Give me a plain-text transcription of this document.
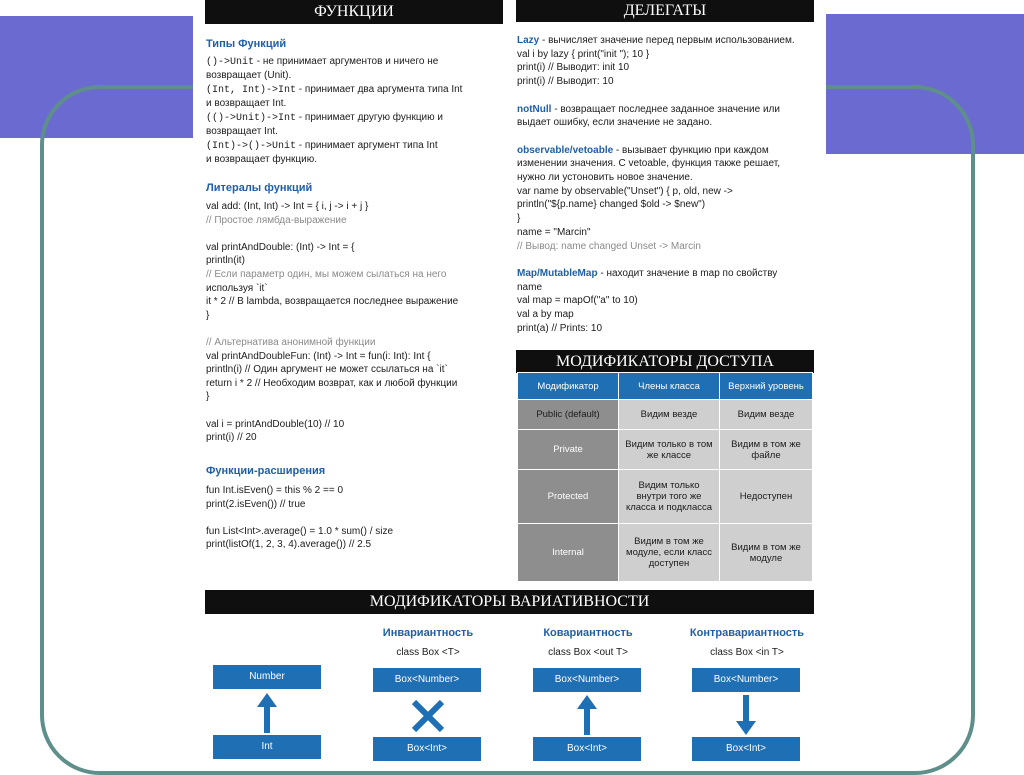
ФУНКЦИИ
Типы Функций
()->Unit - не принимает аргументов и ничего не
возвращает (Unit).
(Int, Int)->Int - принимает два аргумента типа Int
и возвращает Int.
(()->Unit)->Int - принимает другую функцию и
возвращает Int.
(Int)->()->Unit - принимает аргумент типа Int
и возвращает функцию.
Литералы функций
val add: (Int, Int) -> Int = { i, j -> i + j }
// Простое лямбда-выражение
val printAndDouble: (Int) -> Int = {
println(it)
// Если параметр один, мы можем сылаться на него
используя `it`
it * 2 // В lambda, возвращается последнее выражение
}
// Альтернатива анонимной функции
val printAndDoubleFun: (Int) -> Int = fun(i: Int): Int {
println(i) // Один аргумент не может ссылаться на `it`
return i * 2 // Необходим возврат, как и любой функции
}
val i = printAndDouble(10) // 10
print(i) // 20
Функции-расширения
fun Int.isEven() = this % 2 == 0
print(2.isEven()) // true
fun List<Int>.average() = 1.0 * sum() / size
print(listOf(1, 2, 3, 4).average()) // 2.5
ДЕЛЕГАТЫ
Lazy - вычисляет значение перед первым использованием.
val i by lazy { print("init "); 10 }
print(i) // Выводит: init 10
print(i) // Выводит: 10
notNull - возвращает последнее заданное значение или
выдает ошибку, если значение не задано.
observable/vetoable - вызывает функцию при каждом
изменении значения. С vetoable, функция также решает,
нужно ли устоновить новое значение.
var name by observable("Unset") { p, old, new ->
println("${p.name} changed $old -> $new")
}
name = "Marcin"
// Вывод: name changed Unset -> Marcin
Map/MutableMap - находит значение в map по свойству
name
val map = mapOf("a" to 10)
val a by map
print(a) // Prints: 10
МОДИФИКАТОРЫ ДОСТУПА
Модификатор	Члены класса	Верхний уровень
Public (default)	Видим везде	Видим везде
Private	Видим только в том же классе	Видим в том же файле
Protected	Видим только внутри того же класса и подкласса	Недоступен
Internal	Видим в том же модуле, если класс доступен	Видим в том же модуле
МОДИФИКАТОРЫ ВАРИАТИВНОСТИ
Number
Int
Инвариантность
class Box <T>
Box<Number>
Box<Int>
Ковариантность
class Box <out T>
Box<Number>
Box<Int>
Контравариантность
class Box <in T>
Box<Number>
Box<Int>
